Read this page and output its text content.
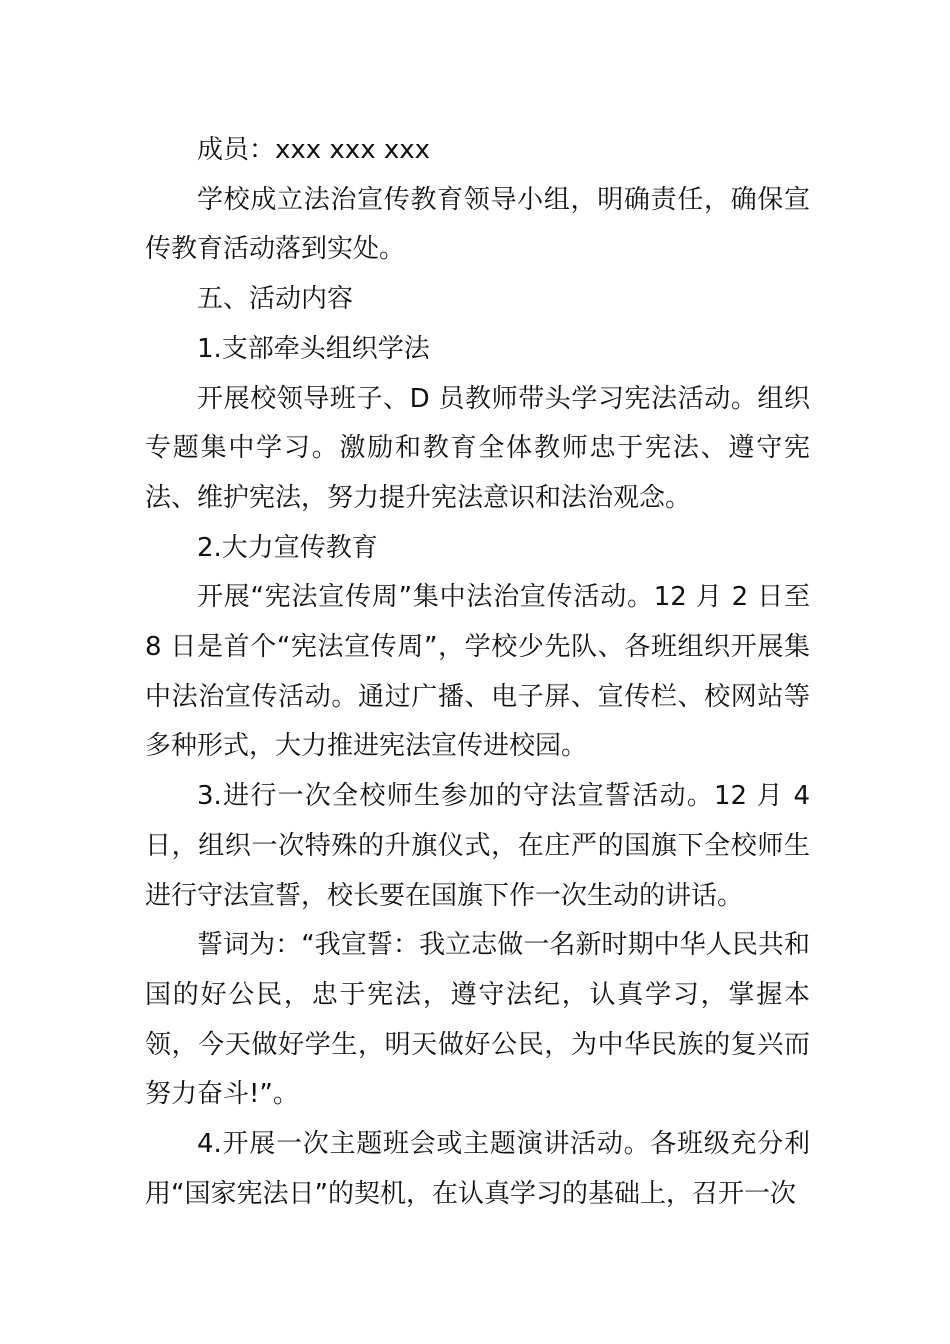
成员：xxx xxx xxx

学校成立法治宣传教育领导小组，明确责任，确保宣传教育活动落到实处。

五、活动内容

1.支部牵头组织学法

开展校领导班子、D 员教师带头学习宪法活动。组织专题集中学习。激励和教育全体教师忠于宪法、遵守宪法、维护宪法，努力提升宪法意识和法治观念。

2.大力宣传教育

开展“宪法宣传周”集中法治宣传活动。12 月 2 日至 8 日是首个“宪法宣传周”，学校少先队、各班组织开展集中法治宣传活动。通过广播、电子屏、宣传栏、校网站等多种形式，大力推进宪法宣传进校园。

3.进行一次全校师生参加的守法宣誓活动。12 月 4 日，组织一次特殊的升旗仪式，在庄严的国旗下全校师生进行守法宣誓，校长要在国旗下作一次生动的讲话。

誓词为：“我宣誓：我立志做一名新时期中华人民共和国的好公民，忠于宪法，遵守法纪，认真学习，掌握本领，今天做好学生，明天做好公民，为中华民族的复兴而努力奋斗!”。

4.开展一次主题班会或主题演讲活动。各班级充分利用“国家宪法日”的契机，在认真学习的基础上，召开一次
